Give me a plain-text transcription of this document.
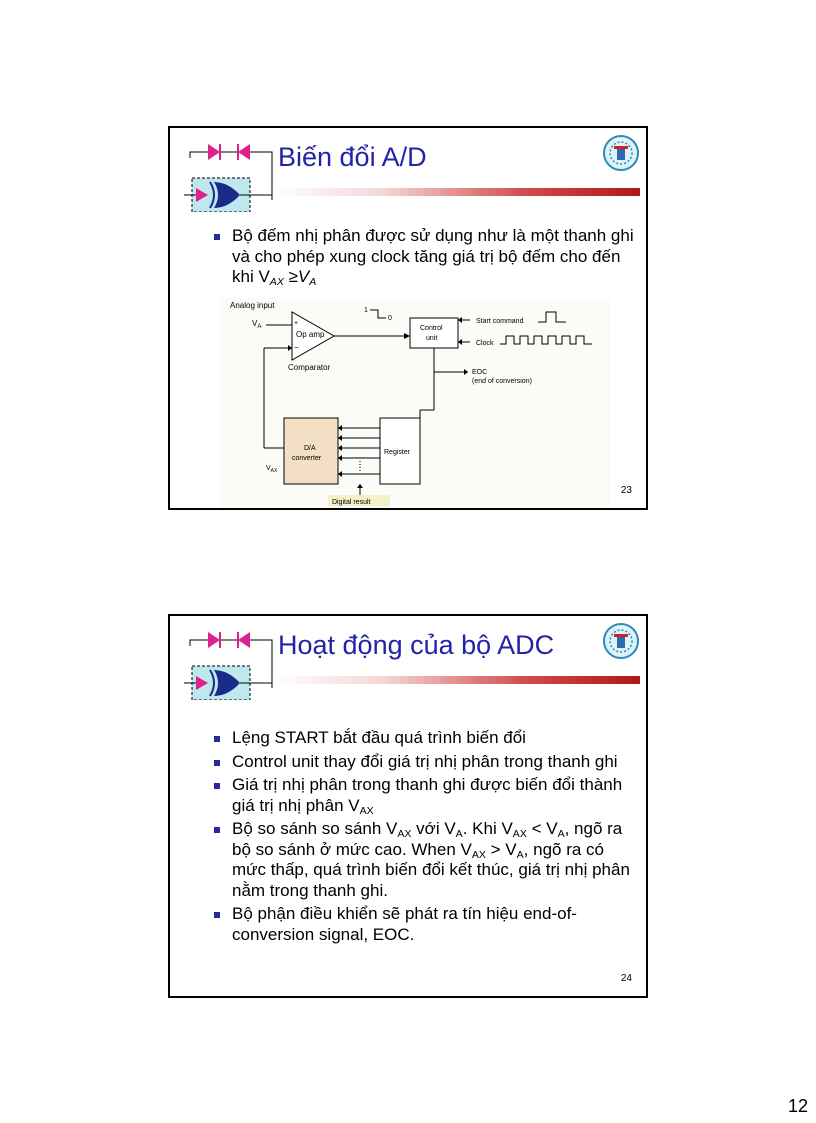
Biến đổi A/D
Bộ đếm nhị phân được sử dụng như là một thanh ghi và cho phép xung clock tăng giá trị bộ đếm cho đến khi $V_{AX} \ge V_A$
Analog input
$V_A$	+
−
Op amp
Comparator
1
0
Control
unit
Start command
Clock
EOC
(end of conversion)
D/A
converter
Register
$V_{AX}$
Digital result
23
Hoạt động của bộ ADC
Lệng START bắt đầu quá trình biến đổi
Control unit thay đổi giá trị nhị phân trong thanh ghi
Giá trị nhị phân trong thanh ghi được biến đổi thành giá trị nhị phân $V_{AX}$
Bộ so sánh so sánh $V_{AX}$ với $V_A$. Khi $V_{AX} < V_A$, ngõ ra bộ so sánh ở mức cao. When $V_{AX} > V_A$, ngõ ra có mức thấp, quá trình biến đổi kết thúc, giá trị nhị phân nằm trong thanh ghi.
Bộ phận điều khiển sẽ phát ra tín hiệu end-of-conversion signal, EOC.
24
12
